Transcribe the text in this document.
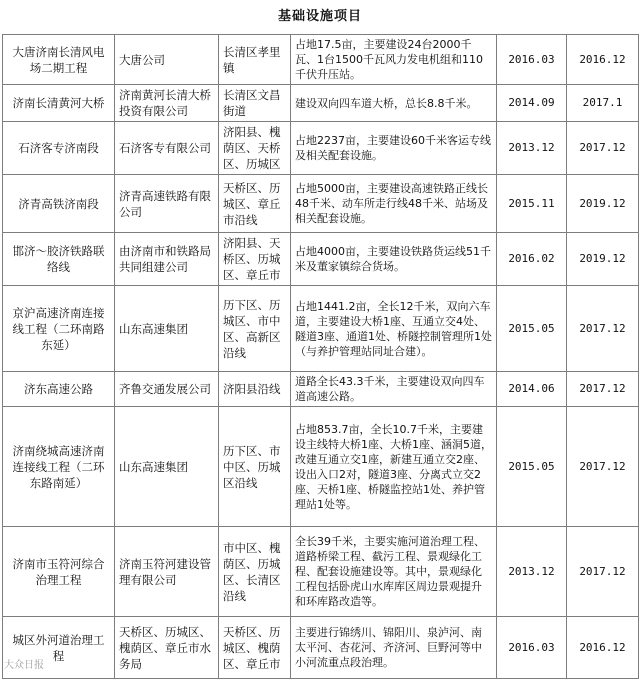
基础设施项目
大唐济南长清风电场二期工程	大唐公司	长清区孝里镇	占地17.5亩，主要建设24台2000千瓦、1台1500千瓦风力发电机组和110千伏升压站。	2016.03	2016.12
济南长清黄河大桥	济南黄河长清大桥投资有限公司	长清区文昌街道	建设双向四车道大桥，总长8.8千米。	2014.09	2017.1
石济客专济南段	石济客专有限公司	济阳县、槐荫区、天桥区、历城区	占地2237亩，主要建设60千米客运专线及相关配套设施。	2013.12	2017.12
济青高铁济南段	济青高速铁路有限公司	天桥区、历城区、章丘市沿线	占地5000亩，主要建设高速铁路正线长48千米、动车所走行线48千米、站场及相关配套设施。	2015.11	2019.12
邯济～胶济铁路联络线	由济南市和铁路局共同组建公司	济阳县、天桥区、历城区、章丘市	占地4000亩，主要建设铁路货运线51千米及董家镇综合货场。	2016.02	2019.12
京沪高速济南连接线工程（二环南路东延）	山东高速集团	历下区、历城区、市中区、高新区沿线	占地1441.2亩，全长12千米，双向六车道，主要建设大桥1座、互通立交4处、隧道3座、通道1处、桥隧控制管理所1处（与养护管理站同址合建）。	2015.05	2017.12
济东高速公路	齐鲁交通发展公司	济阳县沿线	道路全长43.3千米，主要建设双向四车道高速公路。	2014.06	2017.12
济南绕城高速济南连接线工程（二环东路南延）	山东高速集团	历下区、市中区、历城区沿线	占地853.7亩，全长10.7千米，主要建设主线特大桥1座、大桥1座、涵洞5道，改建互通立交1座，新建互通立交2座、设出入口2对，隧道3座、分离式立交2座、天桥1座、桥隧监控站1处、养护管理站1处等。	2015.05	2017.12
济南市玉符河综合治理工程	济南玉符河建设管理有限公司	市中区、槐荫区、历城区、长清区沿线	全长39千米，主要实施河道治理工程、道路桥梁工程、截污工程、景观绿化工程、配套设施建设等。其中，景观绿化工程包括卧虎山水库库区周边景观提升和环库路改造等。	2013.12	2017.12
城区外河道治理工程	天桥区、历城区、槐荫区、章丘市水务局	天桥区、历城区、槐荫区、章丘市	主要进行锦绣川、锦阳川、泉泸河、南太平河、杏花河、齐济河、巨野河等中小河流重点段治理。	2016.03	2016.12
大众日报
